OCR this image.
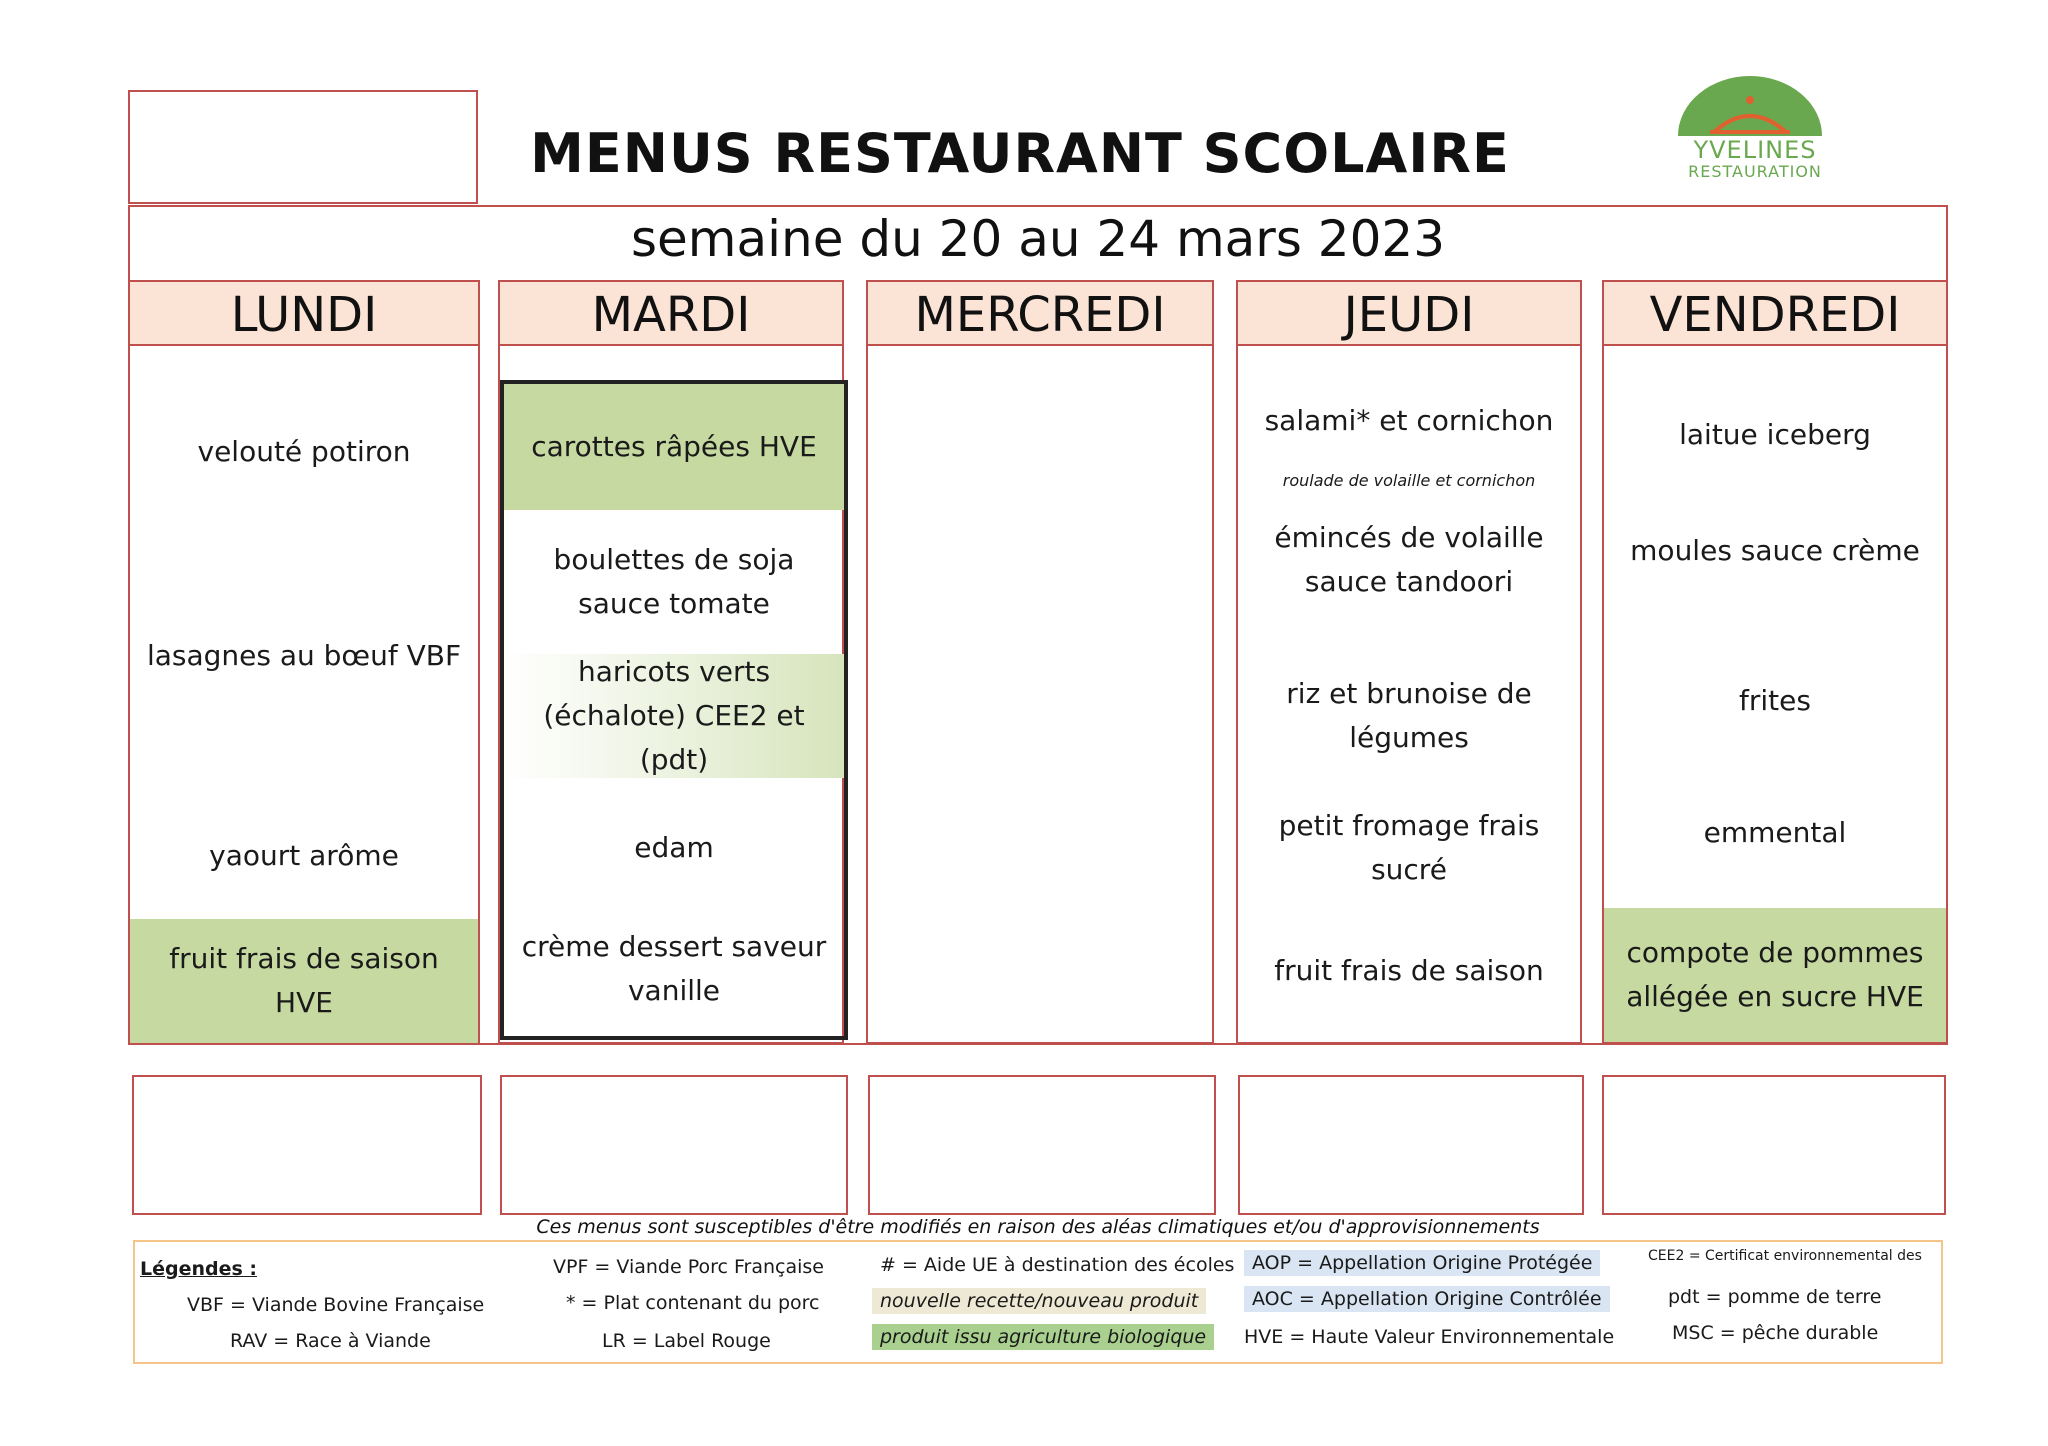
MENUS RESTAURANT SCOLAIRE	YVELINES
RESTAURATION
semaine du 20 au 24 mars 2023
LUNDI
velouté potiron
lasagnes au bœuf VBF
yaourt arôme
fruit frais de saison HVE
MARDI
carottes râpées HVE
boulettes de soja sauce tomate
haricots verts (échalote) CEE2 et (pdt)
edam
crème dessert saveur vanille
MERCREDI	JEUDI
salami* et cornichon
roulade de volaille et cornichon
émincés de volaille sauce tandoori
riz et brunoise de légumes
petit fromage frais sucré
fruit frais de saison
VENDREDI
laitue iceberg
moules sauce crème
frites
emmental
compote de pommes allégée en sucre HVE
Ces menus sont susceptibles d'être modifiés en raison des aléas climatiques et/ou d'approvisionnements
Légendes :
VBF = Viande Bovine Française
RAV = Race à Viande
VPF = Viande Porc Française
* = Plat contenant du porc
LR = Label Rouge
# = Aide UE à destination des écoles
nouvelle recette/nouveau produit
produit issu agriculture biologique
AOP = Appellation Origine Protégée
AOC = Appellation Origine Contrôlée
HVE = Haute Valeur Environnementale
CEE2 = Certificat environnemental des
pdt = pomme de terre
MSC = pêche durable
